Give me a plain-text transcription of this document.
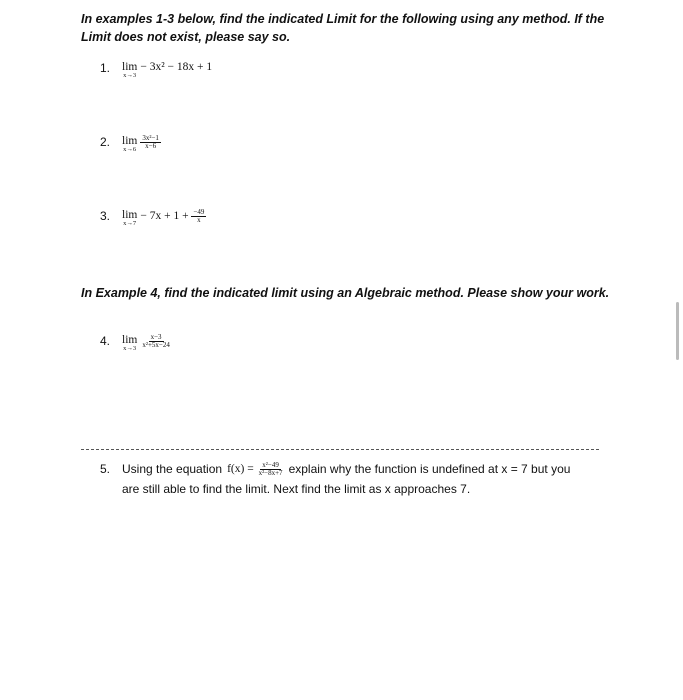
In examples 1-3 below, find the indicated Limit for the following using any method. If the
Limit does not exist, please say so.
1.	lim
x→3
− 3x² − 18x + 1
2.	lim
$x\to 6 \frac{\text{3x²−1}}{x-6}$
3.	lim
x→7
− $7x + 1 + \frac{-49}{x}$
In Example 4, find the indicated limit using an Algebraic method. Please show your work.
4.	lim
$x\to 3 \frac{x-3}{\text{x²+5x−24}}$
5. Using the equation $f(x) = \frac{\text{x²−49}}{\text{x²−8x+7}}$ explain why the function is undefined at x = 7 but you
are still able to find the limit. Next find the limit as x approaches 7.
